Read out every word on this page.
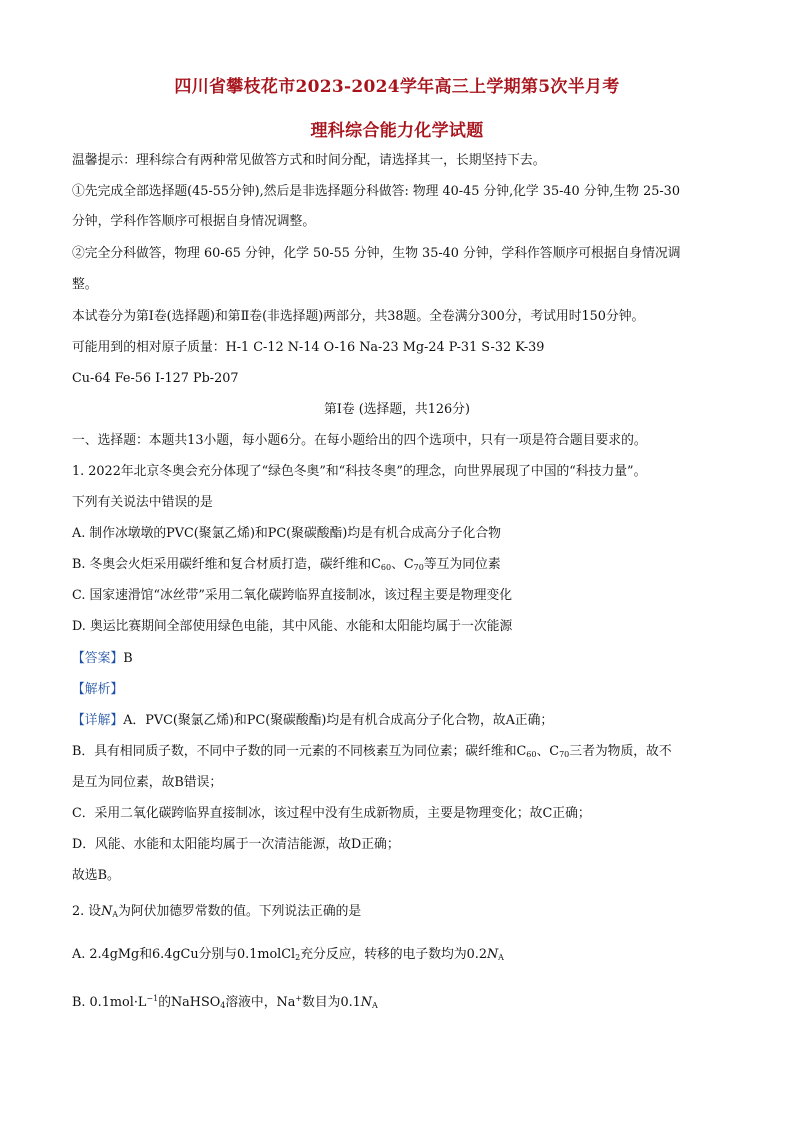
四川省攀枝花市2023-2024学年高三上学期第5次半月考
理科综合能力化学试题
温馨提示：理科综合有两种常见做答方式和时间分配，请选择其一，长期坚持下去。
①先完成全部选择题(45-55分钟),然后是非选择题分科做答: 物理 40-45 分钟,化学 35-40 分钟,生物 25-30
分钟，学科作答顺序可根据自身情况调整。
②完全分科做答，物理 60-65 分钟，化学 50-55 分钟，生物 35-40 分钟，学科作答顺序可根据自身情况调
整。
本试卷分为第Ⅰ卷(选择题)和第Ⅱ卷(非选择题)两部分，共38题。全卷满分300分，考试用时150分钟。
可能用到的相对原子质量：H-1 C-12 N-14 O-16 Na-23 Mg-24 P-31 S-32 K-39
Cu-64 Fe-56 I-127 Pb-207
第Ⅰ卷 (选择题，共126分)
一、选择题：本题共13小题，每小题6分。在每小题给出的四个选项中，只有一项是符合题目要求的。
1. 2022年北京冬奥会充分体现了“绿色冬奥”和“科技冬奥”的理念，向世界展现了中国的“科技力量”。
下列有关说法中错误的是
A. 制作冰墩墩的PVC(聚氯乙烯)和PC(聚碳酸酯)均是有机合成高分子化合物
B. 冬奥会火炬采用碳纤维和复合材质打造，碳纤维和$C_{60}$、$C_{70}$等互为同位素
C. 国家速滑馆“冰丝带”采用二氧化碳跨临界直接制冰，该过程主要是物理变化
D. 奥运比赛期间全部使用绿色电能，其中风能、水能和太阳能均属于一次能源
【答案】B
【解析】
【详解】A．PVC(聚氯乙烯)和PC(聚碳酸酯)均是有机合成高分子化合物，故A正确；
B．具有相同质子数，不同中子数的同一元素的不同核素互为同位素；碳纤维和$C_{60}$、$C_{70}$三者为物质，故不
是互为同位素，故B错误；
C．采用二氧化碳跨临界直接制冰，该过程中没有生成新物质，主要是物理变化；故C正确；
D．风能、水能和太阳能均属于一次清洁能源，故D正确；
故选B。
2. 设$N_A$为阿伏加德罗常数的值。下列说法正确的是
A. 2.4gMg和6.4gCu分别与0.1molCl$_2$充分反应，转移的电子数均为$0.2N_A$
B. $0.1mol\cdot L^{-1}$的NaHSO$_4$溶液中，Na+数目为$0.1N_A$
